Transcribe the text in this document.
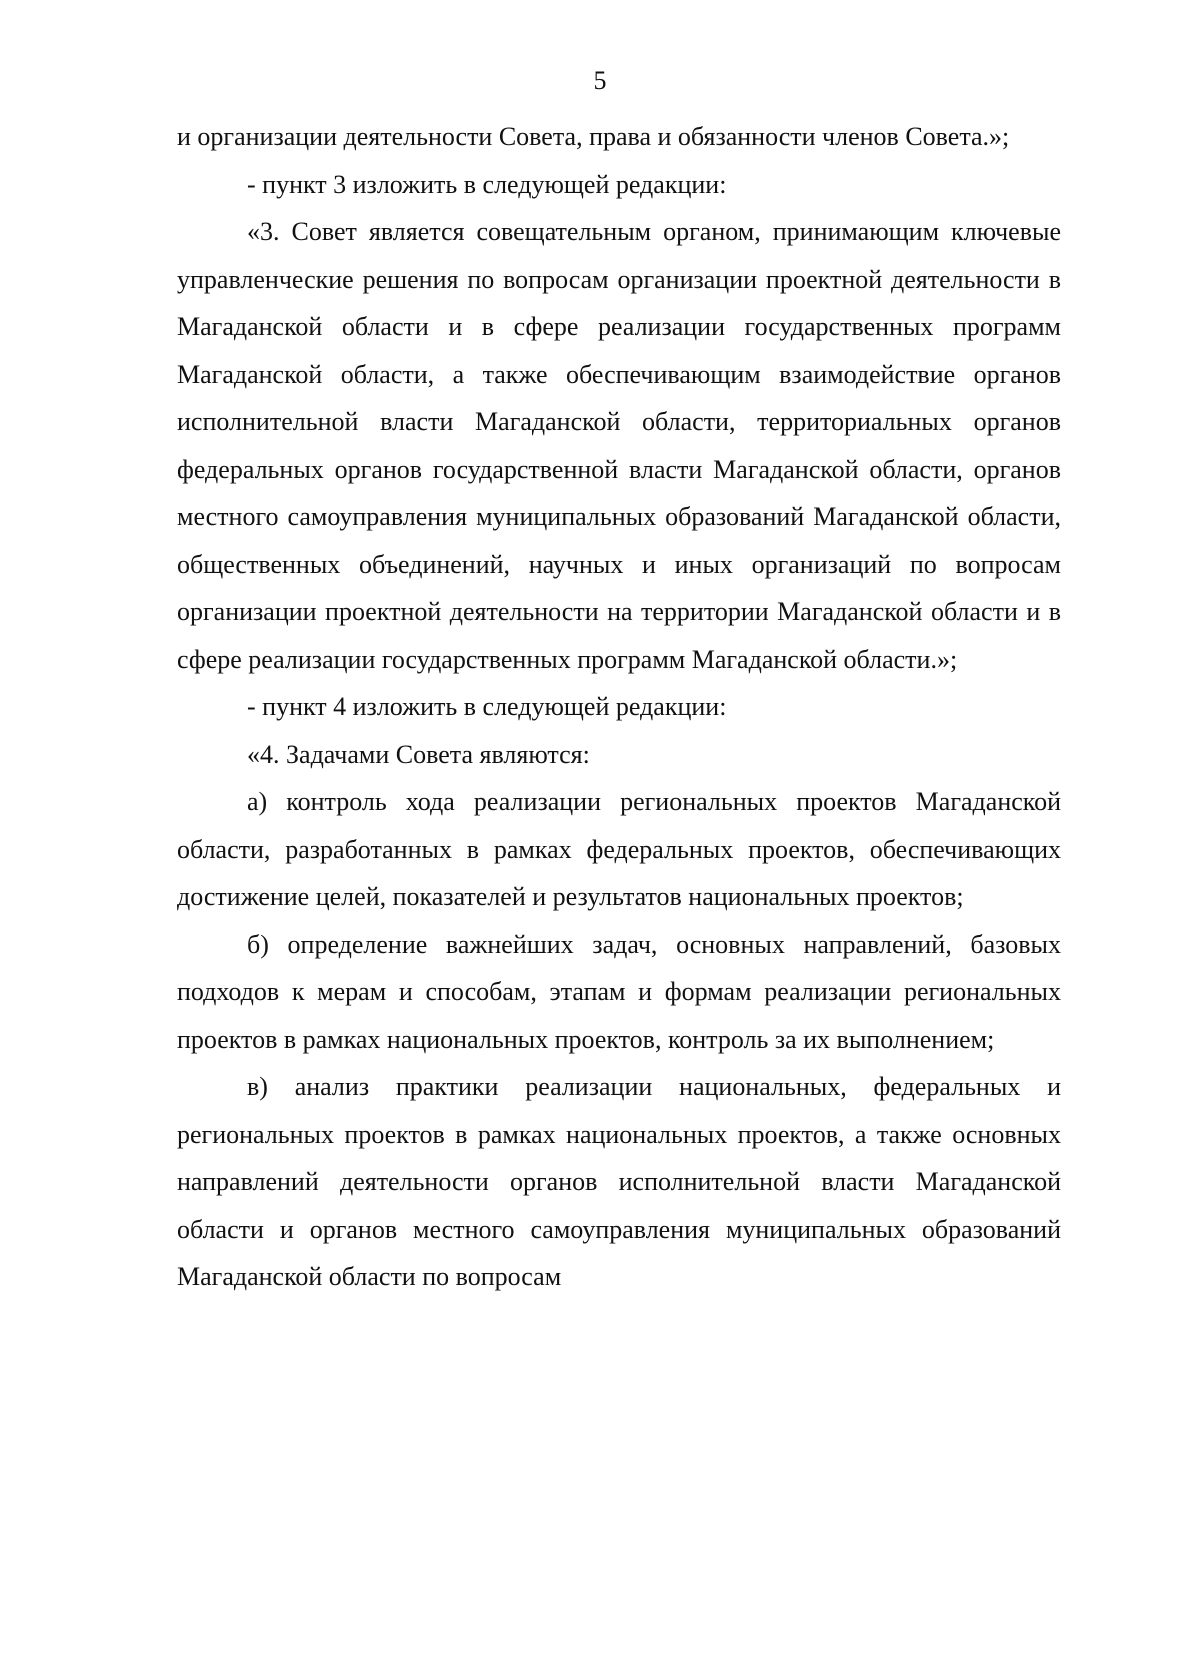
5

и организации деятельности Совета, права и обязанности членов Совета.»;

- пункт 3 изложить в следующей редакции:

«3. Совет является совещательным органом, принимающим ключевые управленческие решения по вопросам организации проектной деятельности в Магаданской области и в сфере реализации государственных программ Магаданской области, а также обеспечивающим взаимодействие органов исполнительной власти Магаданской области, территориальных органов федеральных органов государственной власти Магаданской области, органов местного самоуправления муниципальных образований Магаданской области, общественных объединений, научных и иных организаций по вопросам организации проектной деятельности на территории Магаданской области и в сфере реализации государственных программ Магаданской области.»;

- пункт 4 изложить в следующей редакции:

«4. Задачами Совета являются:

а) контроль хода реализации региональных проектов Магаданской области, разработанных в рамках федеральных проектов, обеспечивающих достижение целей, показателей и результатов национальных проектов;

б) определение важнейших задач, основных направлений, базовых подходов к мерам и способам, этапам и формам реализации региональных проектов в рамках национальных проектов, контроль за их выполнением;

в) анализ практики реализации национальных, федеральных и региональных проектов в рамках национальных проектов, а также основных направлений деятельности органов исполнительной власти Магаданской области и органов местного самоуправления муниципальных образований Магаданской области по вопросам
